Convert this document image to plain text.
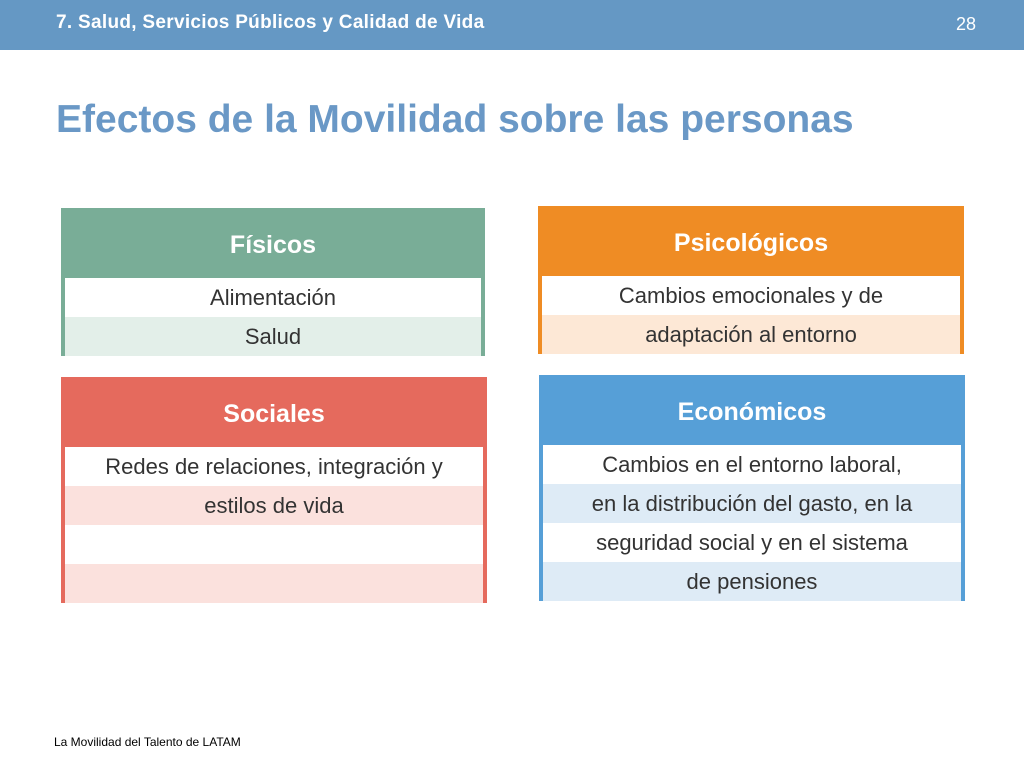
7. Salud, Servicios Públicos y Calidad de Vida	28
Efectos de la Movilidad sobre las personas
Físicos
Alimentación
Salud
Psicológicos
Cambios emocionales y de
adaptación al entorno
Sociales
Redes de relaciones, integración y
estilos de vida
Económicos
Cambios en el entorno laboral,
en la distribución del gasto, en la
seguridad social y en el sistema
de pensiones
La Movilidad del Talento de LATAM
